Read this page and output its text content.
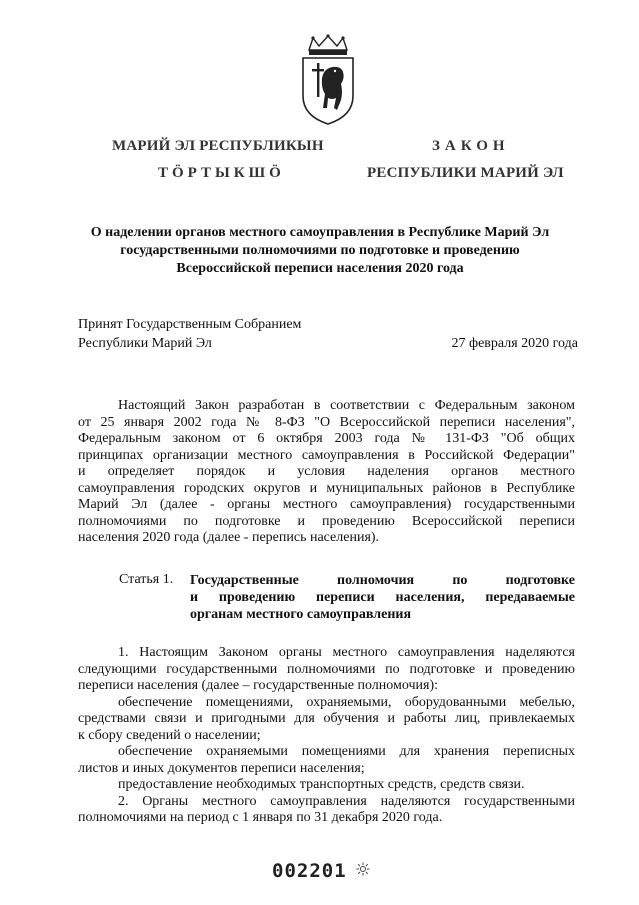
МАРИЙ ЭЛ РЕСПУБЛИКЫН
ТӦРТЫКШӦ
ЗАКОН
РЕСПУБЛИКИ МАРИЙ ЭЛ
О наделении органов местного самоуправления в Республике Марий Эл
государственными полномочиями по подготовке и проведению
Всероссийской переписи населения 2020 года
Принят Государственным Собранием
Республики Марий Эл	27 февраля 2020 года
Настоящий Закон разработан в соответствии с Федеральным законом
от 25 января 2002 года № 8-ФЗ "О Всероссийской переписи населения",
Федеральным законом от 6 октября 2003 года № 131-ФЗ "Об общих
принципах организации местного самоуправления в Российской Федерации"
и определяет порядок и условия наделения органов местного
самоуправления городских округов и муниципальных районов в Республике
Марий Эл (далее - органы местного самоуправления) государственными
полномочиями по подготовке и проведению Всероссийской переписи
населения 2020 года (далее - перепись населения).
Статья 1. Государственные полномочия по подготовке
и проведению переписи населения, передаваемые
органам местного самоуправления
1. Настоящим Законом органы местного самоуправления наделяются
следующими государственными полномочиями по подготовке и проведению
переписи населения (далее – государственные полномочия):
обеспечение помещениями, охраняемыми, оборудованными мебелью,
средствами связи и пригодными для обучения и работы лиц, привлекаемых
к сбору сведений о населении;
обеспечение охраняемыми помещениями для хранения переписных
листов и иных документов переписи населения;
предоставление необходимых транспортных средств, средств связи.
2. Органы местного самоуправления наделяются государственными
полномочиями на период с 1 января по 31 декабря 2020 года.
002201
